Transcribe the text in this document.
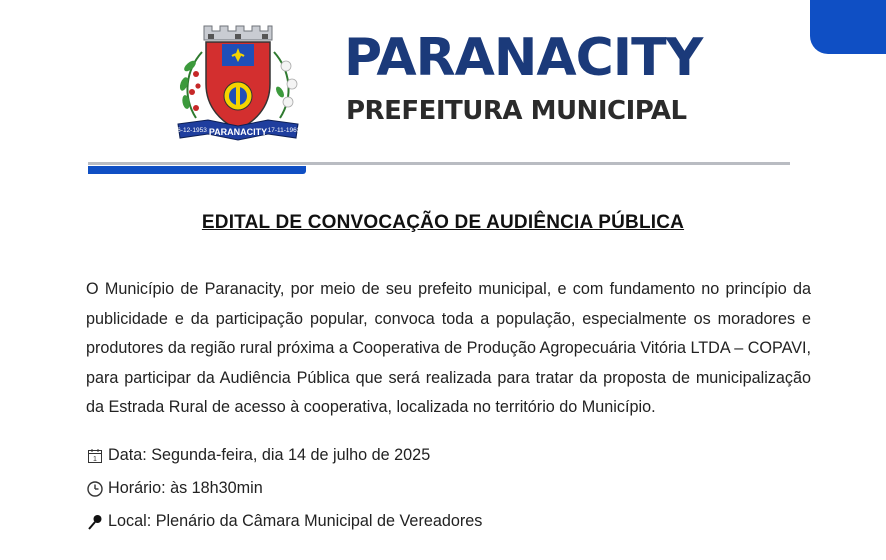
6-12-1953 PARANACITY 17-11-1963
PARANACITY
PREFEITURA MUNICIPAL
EDITAL DE CONVOCAÇÃO DE AUDIÊNCIA PÚBLICA

O Município de Paranacity, por meio de seu prefeito municipal, e com fundamento no princípio da publicidade e da participação popular, convoca toda a população, especialmente os moradores e produtores da região rural próxima a Cooperativa de Produção Agropecuária Vitória LTDA – COPAVI, para participar da Audiência Pública que será realizada para tratar da proposta de municipalização da Estrada Rural de acesso à cooperativa, localizada no território do Município.

1 Data: Segunda-feira, dia 14 de julho de 2025
Horário: às 18h30min
Local: Plenário da Câmara Municipal de Vereadores
